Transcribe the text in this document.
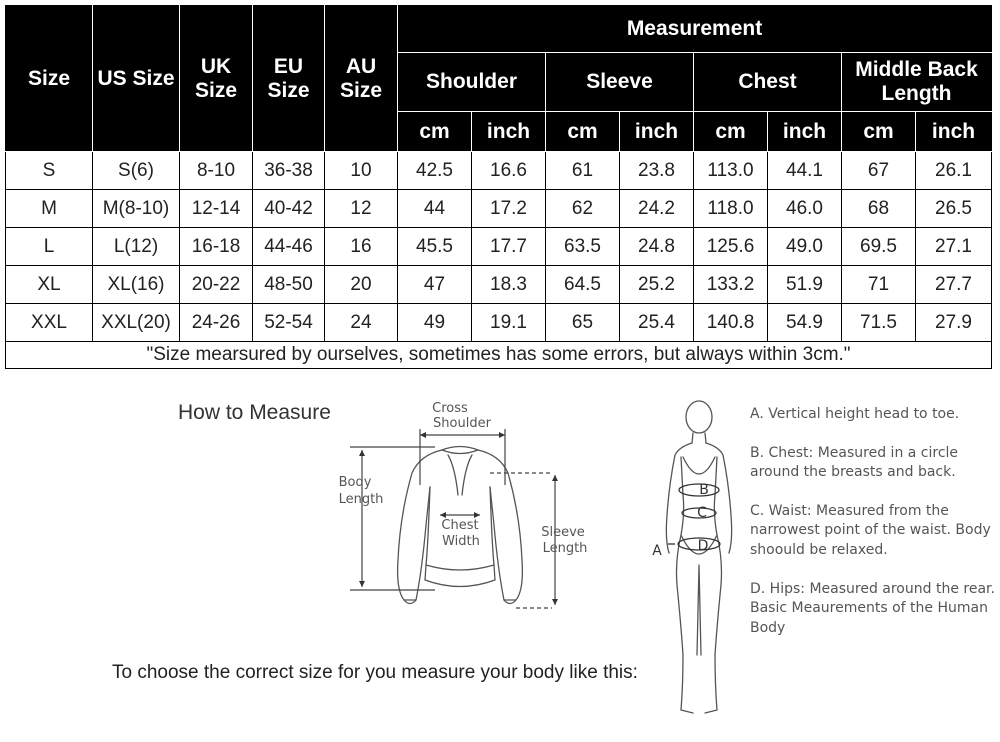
Size	US Size	UK Size	EU Size	AU Size	Measurement							
					Shoulder		Sleeve		Chest		Middle Back Length	
					cm	inch	cm	inch	cm	inch	cm	inch
S	S(6)	8-10	36-38	10	42.5	16.6	61	23.8	113.0	44.1	67	26.1
M	M(8-10)	12-14	40-42	12	44	17.2	62	24.2	118.0	46.0	68	26.5
L	L(12)	16-18	44-46	16	45.5	17.7	63.5	24.8	125.6	49.0	69.5	27.1
XL	XL(16)	20-22	48-50	20	47	18.3	64.5	25.2	133.2	51.9	71	27.7
XXL	XXL(20)	24-26	52-54	24	49	19.1	65	25.4	140.8	54.9	71.5	27.9
"Size mearsured by ourselves, sometimes has some errors, but always within 3cm."												
How to Measure	Cross
Shoulder
Body
Length
Chest
Width
Sleeve
Length
To choose the correct size for you measure your body like this:
B
C
D
A
A. Vertical height head to toe.
B. Chest: Measured in a circle around the breasts and back.
C. Waist: Measured from the narrowest point of the waist. Body shoould be relaxed.
D. Hips: Measured around the rear. Basic Meaurements of the Human Body
